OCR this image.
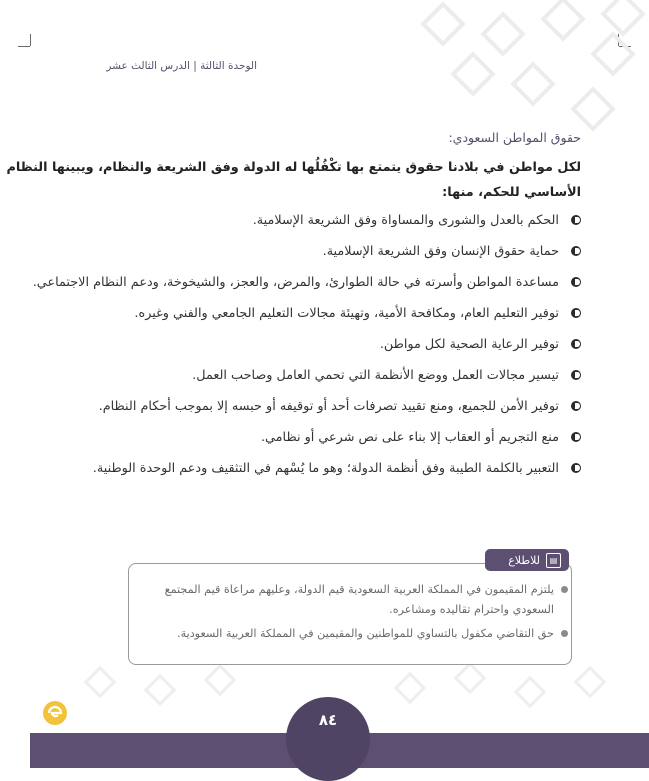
الوحدة الثالثة | الدرس الثالث عشر

حقوق المواطن السعودي:

لكل مواطن في بلادنا حقوق يتمتع بها تكْفُلُها له الدولة وفق الشريعة والنظام، ويبينها النظام الأساسي للحكم، منها:

الحكم بالعدل والشورى والمساواة وفق الشريعة الإسلامية.
حماية حقوق الإنسان وفق الشريعة الإسلامية.
مساعدة المواطن وأسرته في حالة الطوارئ، والمرض، والعجز، والشيخوخة، ودعم النظام الاجتماعي.
توفير التعليم العام، ومكافحة الأمية، وتهيئة مجالات التعليم الجامعي والفني وغيره.
توفير الرعاية الصحية لكل مواطن.
تيسير مجالات العمل ووضع الأنظمة التي تحمي العامل وصاحب العمل.
توفير الأمن للجميع، ومنع تقييد تصرفات أحد أو توقيفه أو حبسه إلا بموجب أحكام النظام.
منع التجريم أو العقاب إلا بناء على نص شرعي أو نظامي.
التعبير بالكلمة الطيبة وفق أنظمة الدولة؛ وهو ما يُسْهم في التثقيف ودعم الوحدة الوطنية.
▤
للاطلاع
يلتزم المقيمون في المملكة العربية السعودية قيم الدولة، وعليهم مراعاة قيم المجتمع السعودي واحترام تقاليده ومشاعره.
حق التقاضي مكفول بالتساوي للمواطنين والمقيمين في المملكة العربية السعودية.
٨٤
